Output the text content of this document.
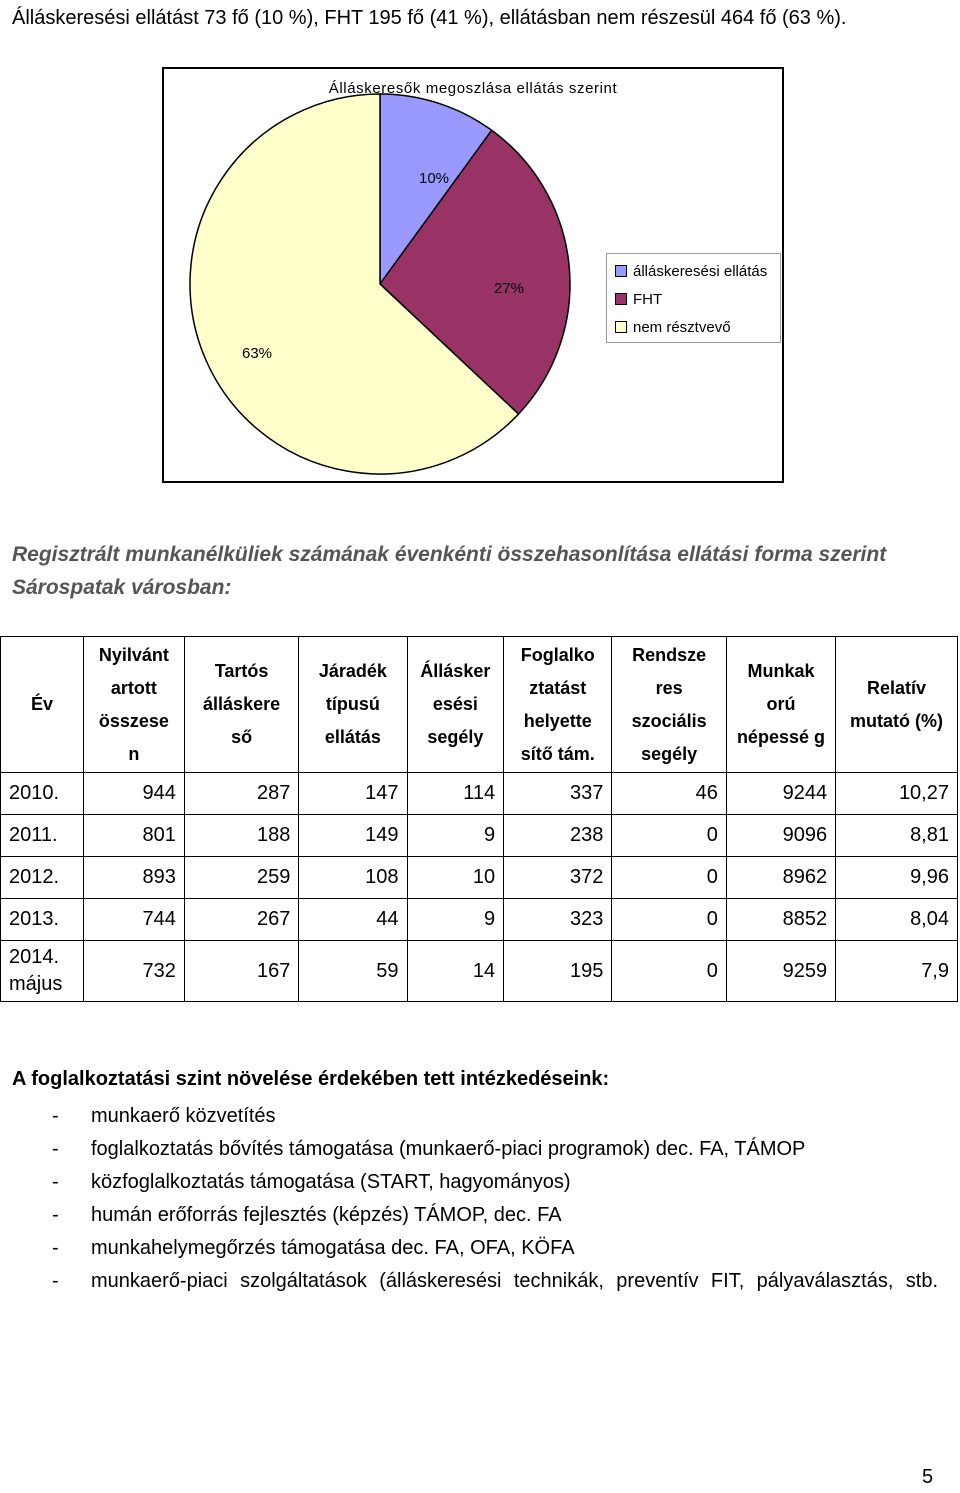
Álláskeresési ellátást 73 fő (10 %), FHT 195 fő (41 %), ellátásban nem részesül 464 fő (63 %).
Álláskeresők megoszlása ellátás szerint
10%
27%
63%
álláskeresési ellátás
FHT
nem résztvevő
Regisztrált munkanélküliek számának évenkénti összehasonlítása ellátási forma szerint Sárospatak városban:
Év	Nyilvánt artott összese n	Tartós álláskere ső	Járadék típusú ellátás	Állásker esési segély	Foglalko ztatást helyette sítő tám.	Rendsze res szociális segély	Munkak orú népessé g	Relatív mutató (%)
2010.	944	287	147	114	337	46	9244	10,27
2011.	801	188	149	9	238	0	9096	8,81
2012.	893	259	108	10	372	0	8962	9,96
2013.	744	267	44	9	323	0	8852	8,04
2014. május	732	167	59	14	195	0	9259	7,9
A foglalkoztatási szint növelése érdekében tett intézkedéseink:
- munkaerő közvetítés
- foglalkoztatás bővítés támogatása (munkaerő-piaci programok) dec. FA, TÁMOP
- közfoglalkoztatás támogatása (START, hagyományos)
- humán erőforrás fejlesztés (képzés) TÁMOP, dec. FA
- munkahelymegőrzés támogatása dec. FA, OFA, KÖFA
- munkaerő-piaci szolgáltatások (álláskeresési technikák, preventív FIT, pályaválasztás, stb.
5
